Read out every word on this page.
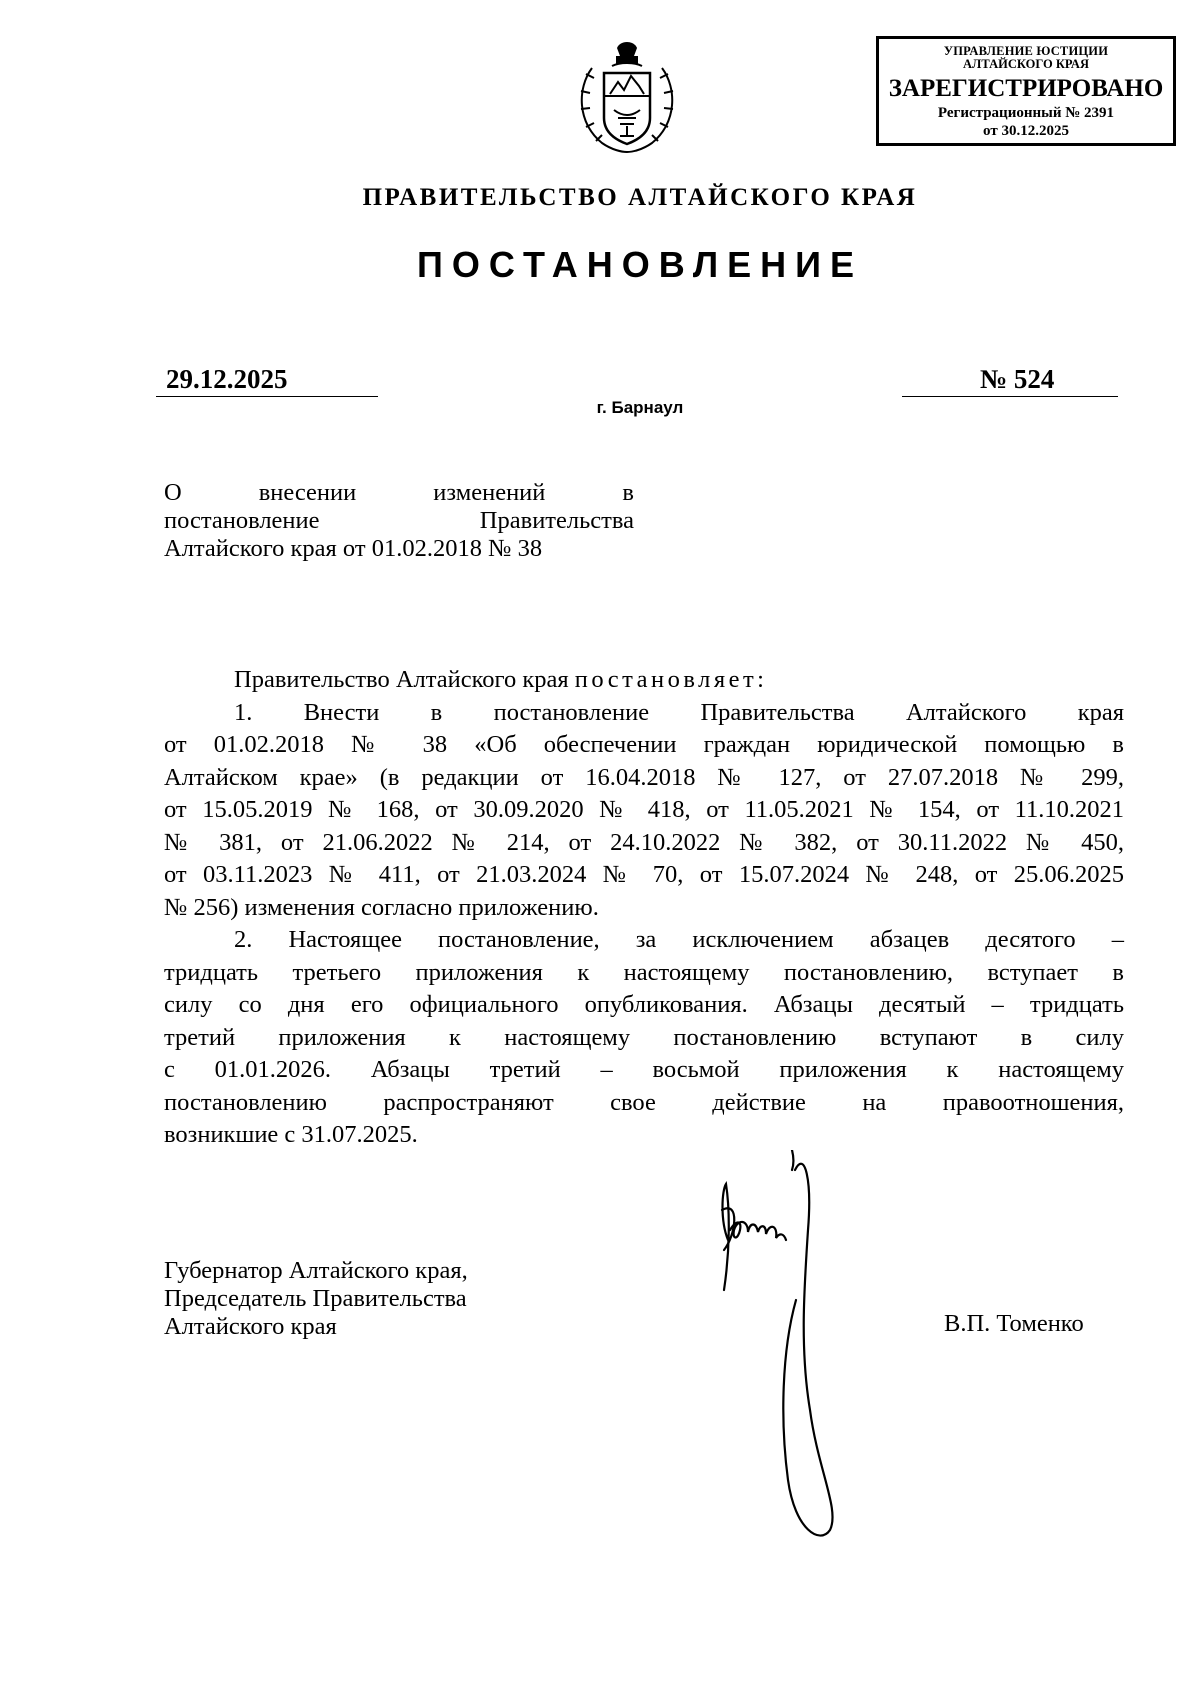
УПРАВЛЕНИЕ ЮСТИЦИИ
АЛТАЙСКОГО КРАЯ
ЗАРЕГИСТРИРОВАНО
Регистрационный № 2391
от 30.12.2025
ПРАВИТЕЛЬСТВО АЛТАЙСКОГО КРАЯ
ПОСТАНОВЛЕНИЕ
29.12.2025	№ 524
г. Барнаул
О внесении изменений в
постановление Правительства
Алтайского края от 01.02.2018 № 38
Правительство Алтайского края постановляет:
1. Внести в постановление Правительства Алтайского края
от 01.02.2018 № 38 «Об обеспечении граждан юридической помощью в
Алтайском крае» (в редакции от 16.04.2018 № 127, от 27.07.2018 № 299,
от 15.05.2019 № 168, от 30.09.2020 № 418, от 11.05.2021 № 154, от 11.10.2021
№ 381, от 21.06.2022 № 214, от 24.10.2022 № 382, от 30.11.2022 № 450,
от 03.11.2023 № 411, от 21.03.2024 № 70, от 15.07.2024 № 248, от 25.06.2025
№ 256) изменения согласно приложению.
2. Настоящее постановление, за исключением абзацев десятого –
тридцать третьего приложения к настоящему постановлению, вступает в
силу со дня его официального опубликования. Абзацы десятый – тридцать
третий приложения к настоящему постановлению вступают в силу
с 01.01.2026. Абзацы третий – восьмой приложения к настоящему
постановлению распространяют свое действие на правоотношения,
возникшие с 31.07.2025.
Губернатор Алтайского края,
Председатель Правительства
Алтайского края	В.П. Томенко
